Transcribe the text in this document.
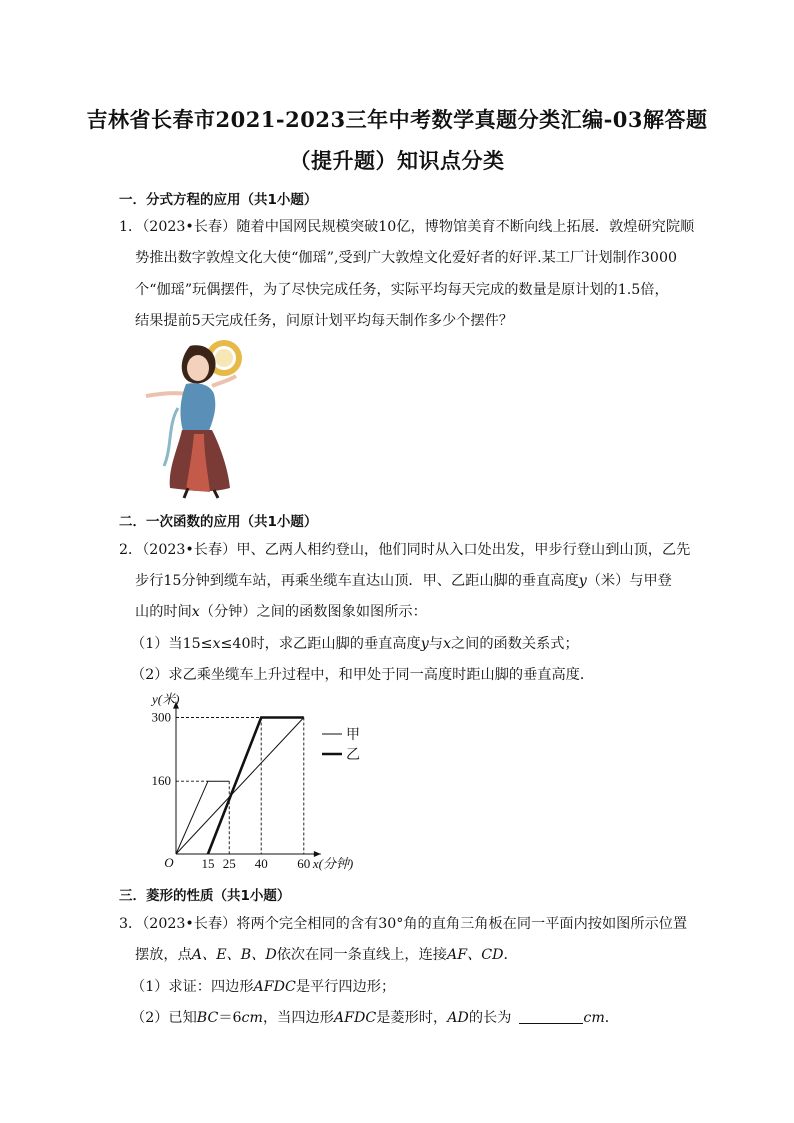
吉林省长春市2021-2023三年中考数学真题分类汇编-03解答题
（提升题）知识点分类
一．分式方程的应用（共1小题）
1．（2023•长春）随着中国网民规模突破10亿，博物馆美育不断向线上拓展．敦煌研究院顺
势推出数字敦煌文化大使“伽瑶”,受到广大敦煌文化爱好者的好评.某工厂计划制作3000
个“伽瑶”玩偶摆件，为了尽快完成任务，实际平均每天完成的数量是原计划的1.5倍，
结果提前5天完成任务，问原计划平均每天制作多少个摆件？
二．一次函数的应用（共1小题）
2．（2023•长春）甲、乙两人相约登山，他们同时从入口处出发，甲步行登山到山顶，乙先
步行15分钟到缆车站，再乘坐缆车直达山顶．甲、乙距山脚的垂直高度y（米）与甲登
山的时间x（分钟）之间的函数图象如图所示：
（1）当15≤x≤40时，求乙距山脚的垂直高度y与x之间的函数关系式；
（2）求乙乘坐缆车上升过程中，和甲处于同一高度时距山脚的垂直高度．
y(米)
x(分钟)
O 15 25 40 60
160
300
甲
乙
三．菱形的性质（共1小题）
3．（2023•长春）将两个完全相同的含有30°角的直角三角板在同一平面内按如图所示位置
摆放，点A、E、B、D依次在同一条直线上，连接AF、CD．
（1）求证：四边形AFDC是平行四边形；
（2）已知BC＝6cm，当四边形AFDC是菱形时，AD的长为	cm．
